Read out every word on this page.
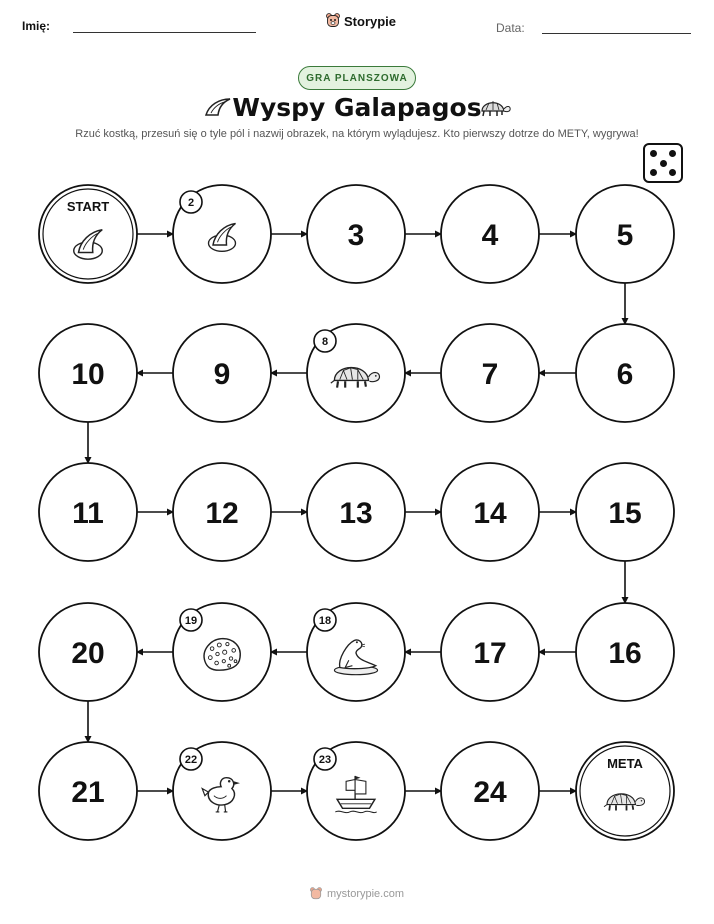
Imię:	Storypie	Data:
GRA PLANSZOWA
Wyspy Galapagos
Rzuć kostką, przesuń się o tyle pól i nazwij obrazek, na którym wylądujesz. Kto pierwszy dotrze do METY, wygrywa!
START	2
3	4	5
6
7
8
9
10
11	12	13	14	15
16
17
18
19
20
21
22	23
24
META
mystorypie.com
